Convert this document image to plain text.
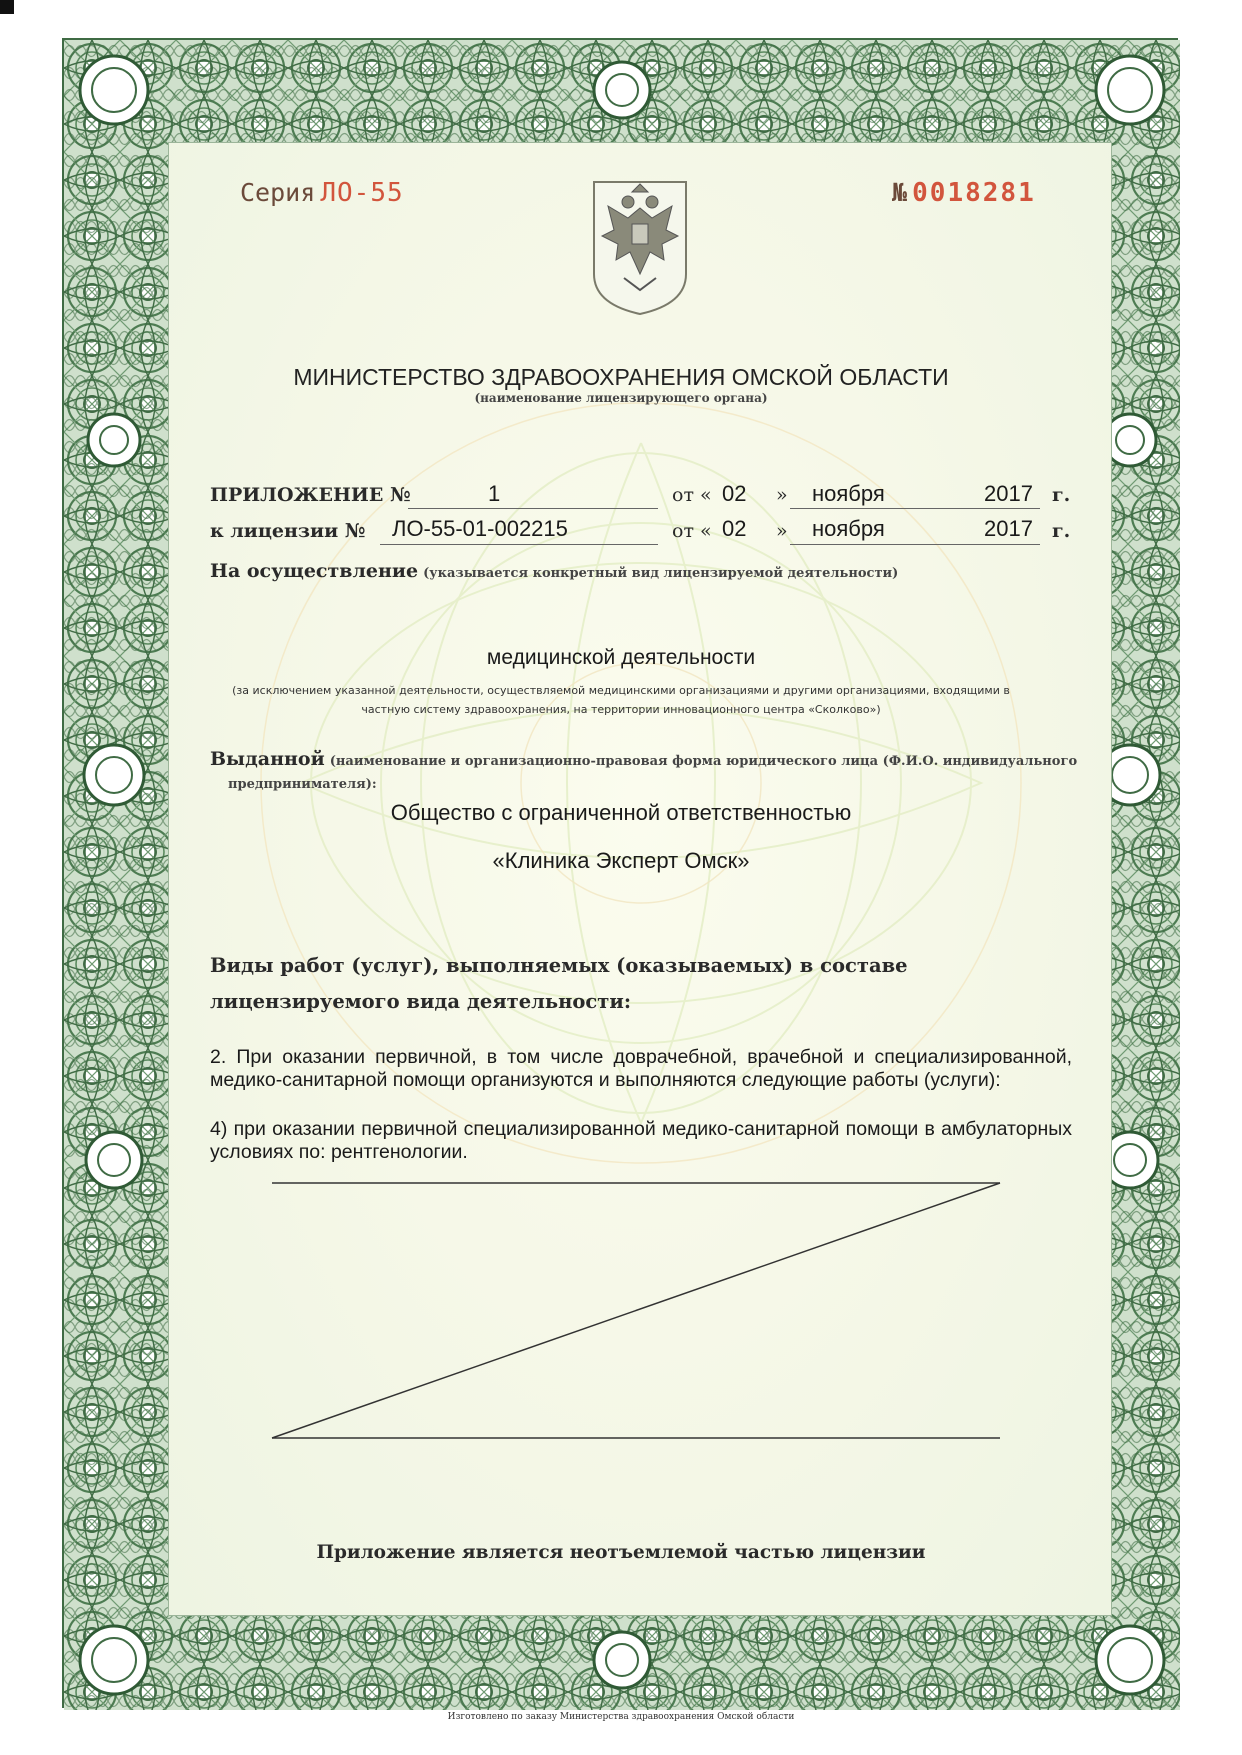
Серия ЛО-55	№ 0018281
МИНИСТЕРСТВО ЗДРАВООХРАНЕНИЯ ОМСКОЙ ОБЛАСТИ
(наименование лицензирующего органа)
ПРИЛОЖЕНИЕ №	1	от « 02 » ноября	2017 г.
к лицензии № ЛО-55-01-002215	от « 02 » ноября	2017 г.
На осуществление (указывается конкретный вид лицензируемой деятельности)
медицинской деятельности
(за исключением указанной деятельности, осуществляемой медицинскими организациями и другими организациями, входящими в
частную систему здравоохранения, на территории инновационного центра «Сколково»)
Выданной (наименование и организационно-правовая форма юридического лица (Ф.И.О. индивидуального
предпринимателя):
Общество с ограниченной ответственностью
«Клиника Эксперт Омск»
Виды работ (услуг), выполняемых (оказываемых) в составе
лицензируемого вида деятельности:
2. При оказании первичной, в том числе доврачебной, врачебной и специализированной, медико-санитарной помощи организуются и выполняются следующие работы (услуги):
4) при оказании первичной специализированной медико-санитарной помощи в амбулаторных условиях по: рентгенологии.
Приложение является неотъемлемой частью лицензии
Изготовлено по заказу Министерства здравоохранения Омской области
